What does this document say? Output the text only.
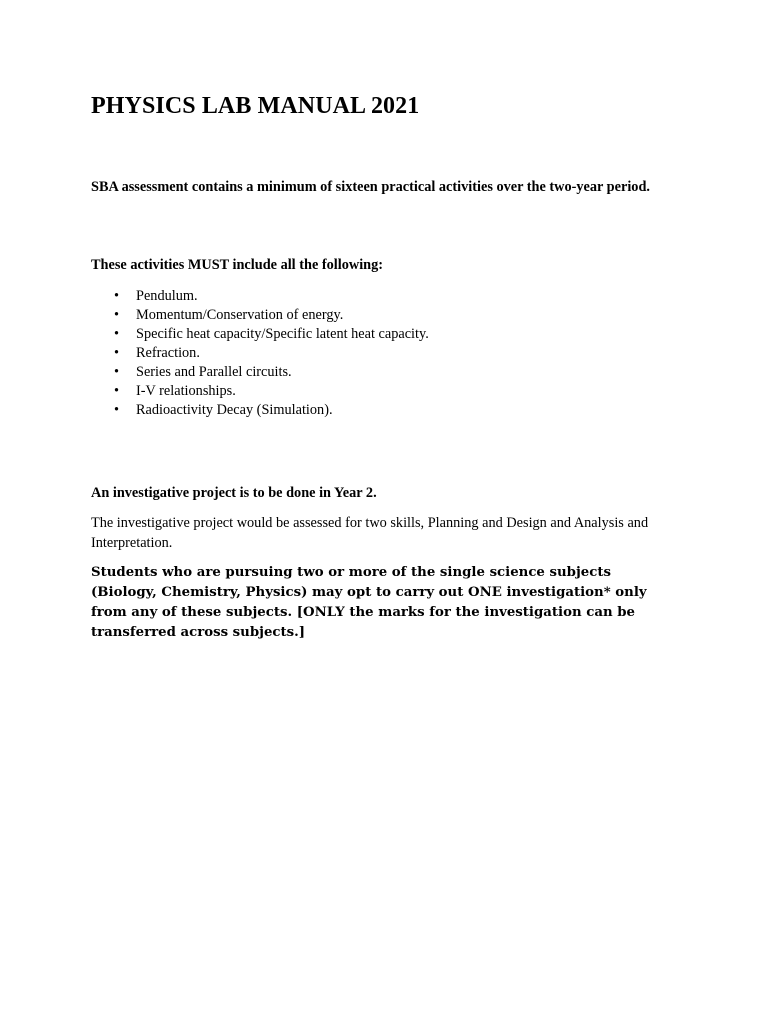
PHYSICS LAB MANUAL 2021

SBA assessment contains a minimum of sixteen practical activities over the two-year period.

These activities MUST include all the following:

• Pendulum.
• Momentum/Conservation of energy.
• Specific heat capacity/Specific latent heat capacity.
• Refraction.
• Series and Parallel circuits.
• I-V relationships.
• Radioactivity Decay (Simulation).

An investigative project is to be done in Year 2.

The investigative project would be assessed for two skills, Planning and Design and Analysis and Interpretation.

Students who are pursuing two or more of the single science subjects (Biology, Chemistry, Physics) may opt to carry out ONE investigation* only from any of these subjects. [ONLY the marks for the investigation can be transferred across subjects.]
